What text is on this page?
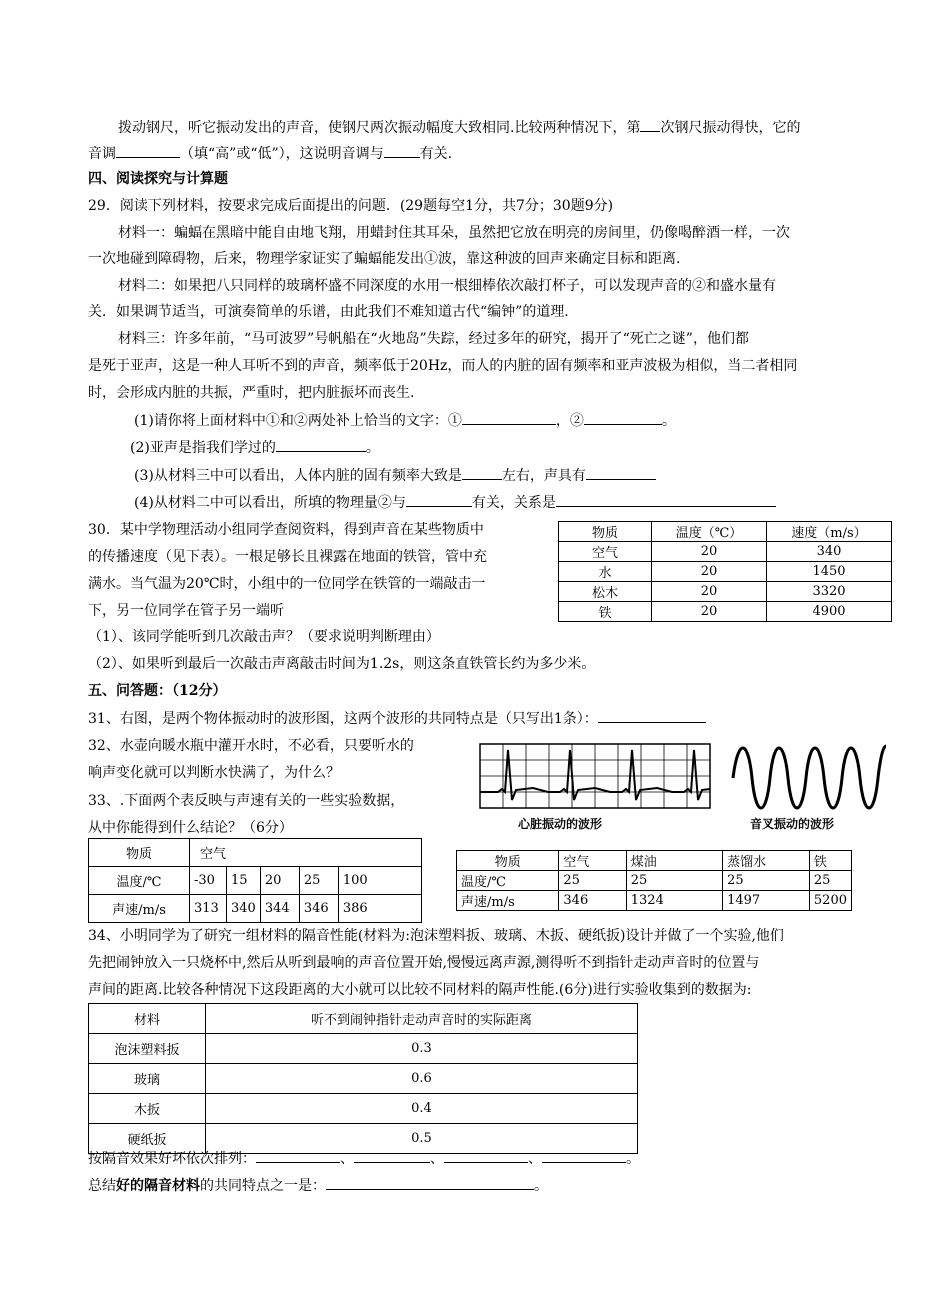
拨动钢尺，听它振动发出的声音，使钢尺两次振动幅度大致相同.比较两种情况下，第 次钢尺振动得快，它的
音调	（填“高”或“低”），这说明音调与	有关.
四、阅读探究与计算题
29．阅读下列材料，按要求完成后面提出的问题．(29题每空1分，共7分；30题9分)
材料一：蝙蝠在黑暗中能自由地飞翔，用蜡封住其耳朵，虽然把它放在明亮的房间里，仍像喝醉酒一样，一次
一次地碰到障碍物，后来，物理学家证实了蝙蝠能发出①波，靠这种波的回声来确定目标和距离.
材料二：如果把八只同样的玻璃杯盛不同深度的水用一根细棒依次敲打杯子，可以发现声音的②和盛水量有
关．如果调节适当，可演奏简单的乐谱，由此我们不难知道古代“编钟”的道理.
材料三：许多年前，“马可波罗”号帆船在“火地岛”失踪，经过多年的研究，揭开了“死亡之谜”，他们都
是死于亚声，这是一种人耳听不到的声音，频率低于20Hz，而人的内脏的固有频率和亚声波极为相似，当二者相同
时，会形成内脏的共振，严重时，把内脏振坏而丧生.
(1)请你将上面材料中①和②两处补上恰当的文字：①	，②	。
(2)亚声是指我们学过的	。
(3)从材料三中可以看出，人体内脏的固有频率大致是	左右，声具有
(4)从材料二中可以看出，所填的物理量②与	有关，关系是
30．某中学物理活动小组同学查阅资料，得到声音在某些物质中
的传播速度（见下表）。一根足够长且裸露在地面的铁管，管中充
满水。当气温为20℃时，小组中的一位同学在铁管的一端敲击一
下，另一位同学在管子另一端听
（1）、该同学能听到几次敲击声？（要求说明判断理由）
（2）、如果听到最后一次敲击声离敲击时间为1.2s，则这条直铁管长约为多少米。
物质	温度（℃）	速度（m/s）
空气	20	340
水	20	1450
松木	20	3320
铁	20	4900
五、问答题：（12分）
31、右图，是两个物体振动时的波形图，这两个波形的共同特点是（只写出1条）：
32、水壶向暖水瓶中灌开水时，不必看，只要听水的
响声变化就可以判断水快满了，为什么？
33、.下面两个表反映与声速有关的一些实验数据，
从中你能得到什么结论？（6分）	心脏振动的波形	音叉振动的波形
物质	空气				
温度/℃	-30	15	20	25	100
声速/m/s	313	340	344	346	386
物质	空气	煤油	蒸馏水	铁
温度/℃	25	25	25	25
声速/m/s	346	1324	1497	5200
34、小明同学为了研究一组材料的隔音性能(材料为:泡沫塑料扳、玻璃、木扳、硬纸扳)设计并做了一个实验,他们
先把闹钟放入一只烧杯中,然后从听到最响的声音位置开始,慢慢远离声源,测得听不到指针走动声音时的位置与
声间的距离.比较各种情况下这段距离的大小就可以比较不同材料的隔声性能.(6分)进行实验收集到的数据为:
材料	听不到闹钟指针走动声音时的实际距离
泡沫塑料扳	0.3
玻璃	0.6
木扳	0.4
硬纸扳	0.5
按隔音效果好坏依次排列：	、	、	、	。
总结好的隔音材料的共同特点之一是：	。
